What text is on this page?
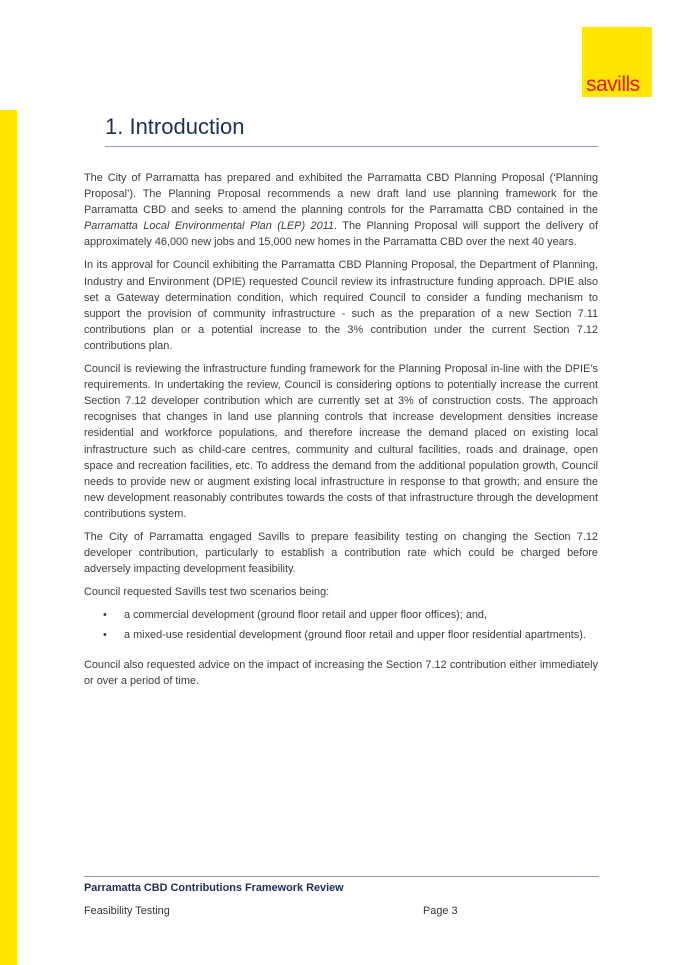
savills
1. Introduction

The City of Parramatta has prepared and exhibited the Parramatta CBD Planning Proposal (‘Planning Proposal’). The Planning Proposal recommends a new draft land use planning framework for the Parramatta CBD and seeks to amend the planning controls for the Parramatta CBD contained in the Parramatta Local Environmental Plan (LEP) 2011. The Planning Proposal will support the delivery of approximately 46,000 new jobs and 15,000 new homes in the Parramatta CBD over the next 40 years.

In its approval for Council exhibiting the Parramatta CBD Planning Proposal, the Department of Planning, Industry and Environment (DPIE) requested Council review its infrastructure funding approach. DPIE also set a Gateway determination condition, which required Council to consider a funding mechanism to support the provision of community infrastructure - such as the preparation of a new Section 7.11 contributions plan or a potential increase to the 3% contribution under the current Section 7.12 contributions plan.

Council is reviewing the infrastructure funding framework for the Planning Proposal in-line with the DPIE’s requirements. In undertaking the review, Council is considering options to potentially increase the current Section 7.12 developer contribution which are currently set at 3% of construction costs. The approach recognises that changes in land use planning controls that increase development densities increase residential and workforce populations, and therefore increase the demand placed on existing local infrastructure such as child-care centres, community and cultural facilities, roads and drainage, open space and recreation facilities, etc. To address the demand from the additional population growth, Council needs to provide new or augment existing local infrastructure in response to that growth; and ensure the new development reasonably contributes towards the costs of that infrastructure through the development contributions system.

The City of Parramatta engaged Savills to prepare feasibility testing on changing the Section 7.12 developer contribution, particularly to establish a contribution rate which could be charged before adversely impacting development feasibility.

Council requested Savills test two scenarios being:

• a commercial development (ground floor retail and upper floor offices); and,
• a mixed-use residential development (ground floor retail and upper floor residential apartments).

Council also requested advice on the impact of increasing the Section 7.12 contribution either immediately or over a period of time.

Parramatta CBD Contributions Framework Review
Feasibility Testing	Page 3
